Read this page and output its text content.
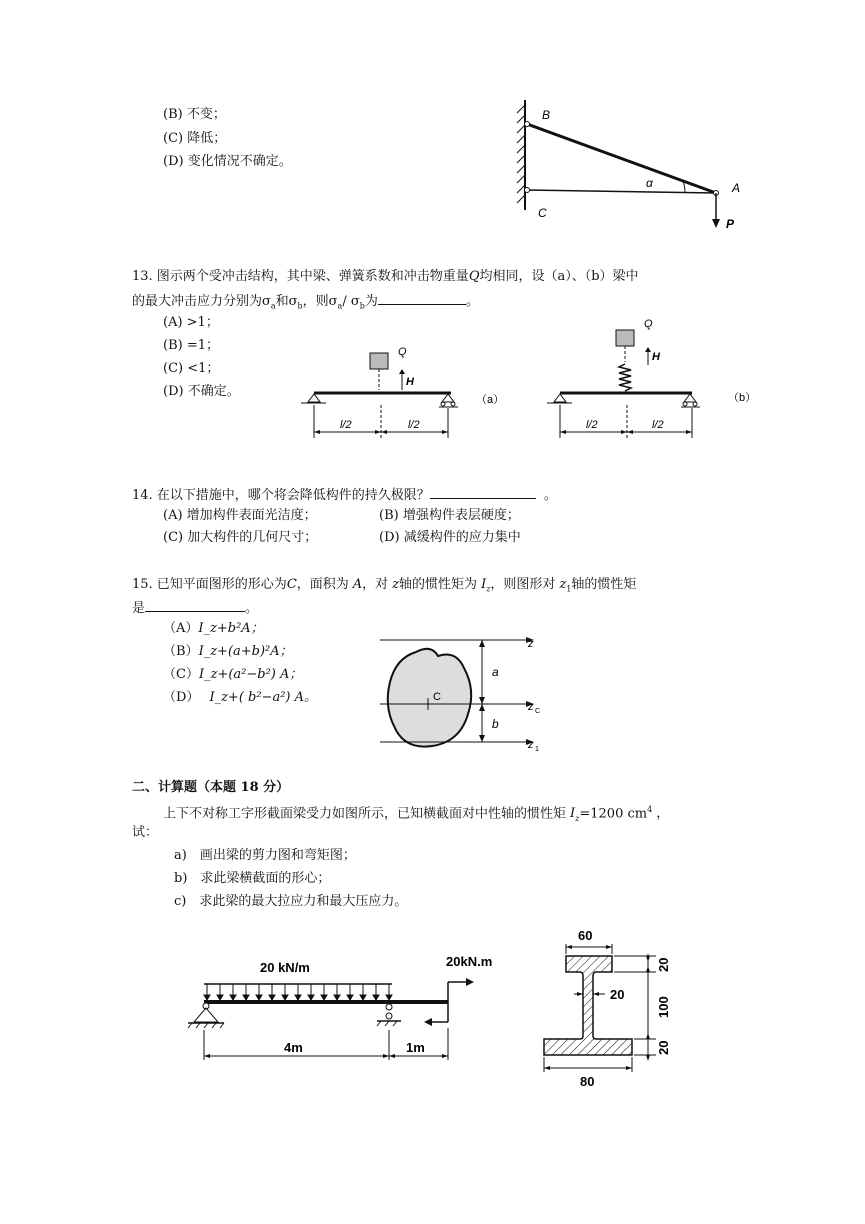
(B) 不变；
(C) 降低；
(D) 变化情况不确定。
B
C
A
α
P
13. 图示两个受冲击结构，其中梁、弹簧系数和冲击物重量Q均相同，设（a）、（b）梁中
的最大冲击应力分别为$\sigma_a$和$\sigma_b$，则$\sigma_a/$ $\sigma_b$为	。
(A) >1；
(B) =1；
(C) <1；
(D) 不确定。
Q
H
（a）
l/2	l/2
Q
H
（b）
l/2	l/2
14. 在以下措施中，哪个将会降低构件的持久极限？	。
(A) 增加构件表面光洁度；	(B) 增强构件表层硬度；
(C) 加大构件的几何尺寸；	(D) 减缓构件的应力集中
15. 已知平面图形的形心为C，面积为 A，对 z轴的惯性矩为 $I_z$，则图形对 $z_1$轴的惯性矩
是	。
（A）I_z+b²A；
（B）I_z+(a+b)²A；
（C）I_z+(a²−b²) A；
（D） I_z+( b²−a²) A。
z
z C
z 1
C
a
b
二、计算题（本题 18 分）
上下不对称工字形截面梁受力如图所示，已知横截面对中性轴的惯性矩 $I_z=1200$ $cm^4$ ，
试：
a)　画出梁的剪力图和弯矩图；
b)　求此梁横截面的形心；
c)　求此梁的最大拉应力和最大压应力。
20 kN/m	20kN.m
4m	1m
60
20
20
100
20
80
